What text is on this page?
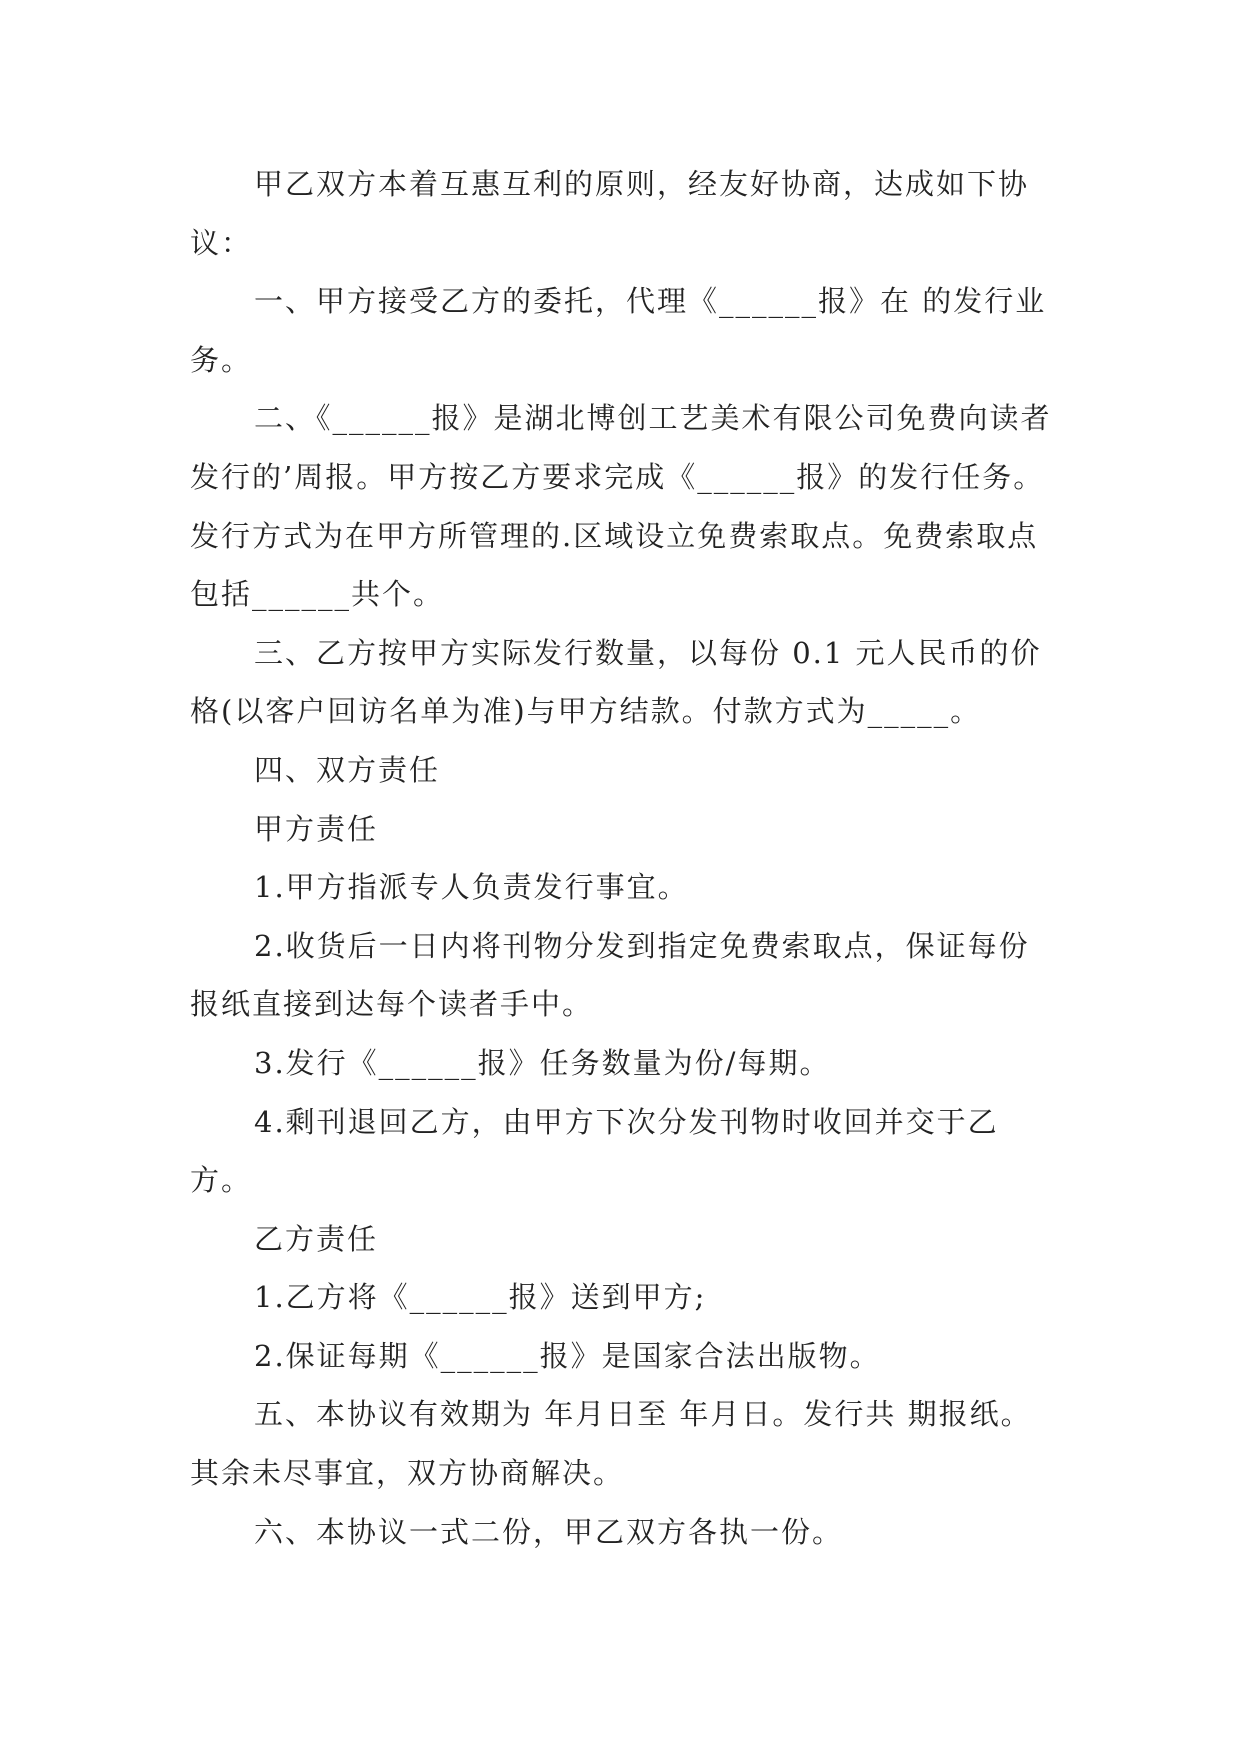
甲乙双方本着互惠互利的原则，经友好协商，达成如下协议：

一、甲方接受乙方的委托，代理《______报》在 的发行业务。

二、《______报》是湖北博创工艺美术有限公司免费向读者发行的’周报。甲方按乙方要求完成《______报》的发行任务。发行方式为在甲方所管理的.区域设立免费索取点。免费索取点包括______共个。

三、乙方按甲方实际发行数量，以每份 0.1 元人民币的价格(以客户回访名单为准)与甲方结款。付款方式为_____。

四、双方责任

甲方责任

1.甲方指派专人负责发行事宜。

2.收货后一日内将刊物分发到指定免费索取点，保证每份报纸直接到达每个读者手中。

3.发行《______报》任务数量为份/每期。

4.剩刊退回乙方，由甲方下次分发刊物时收回并交于乙方。

乙方责任

1.乙方将《______报》送到甲方;

2.保证每期《______报》是国家合法出版物。

五、本协议有效期为 年月日至 年月日。发行共 期报纸。其余未尽事宜，双方协商解决。

六、本协议一式二份，甲乙双方各执一份。
